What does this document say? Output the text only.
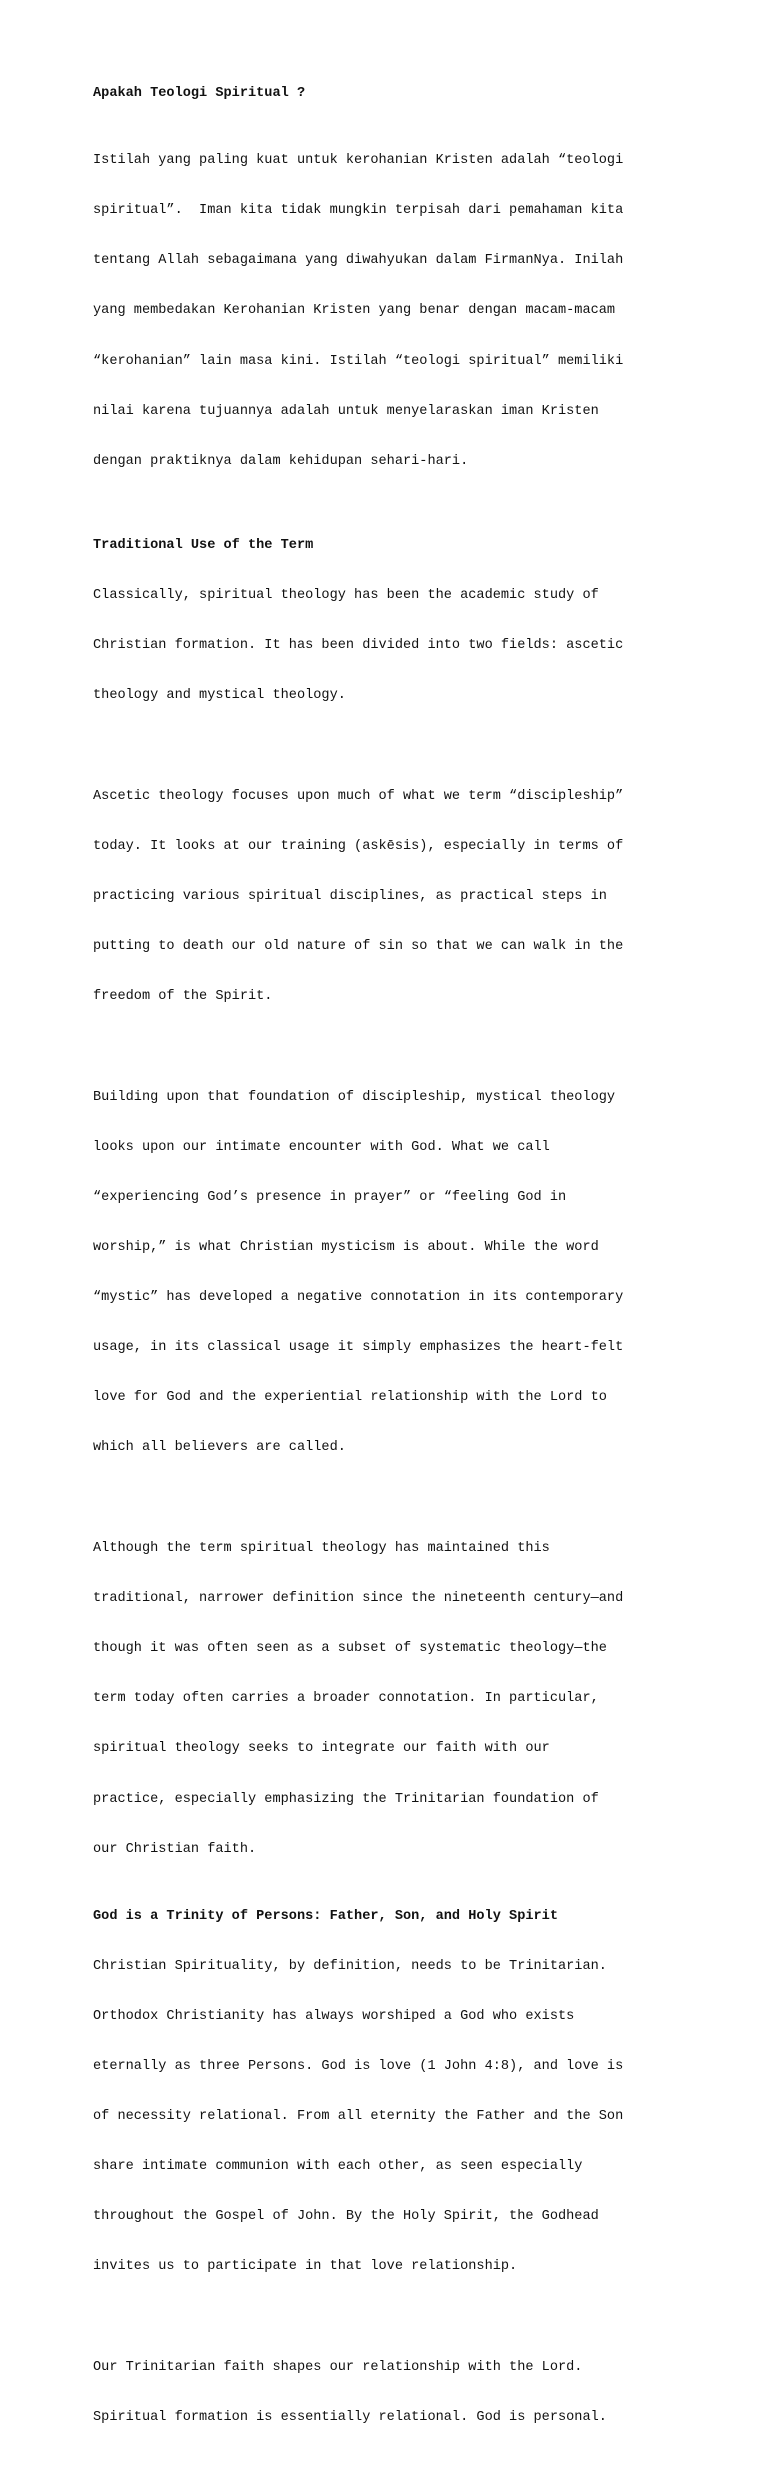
Apakah Teologi Spiritual ?

Istilah yang paling kuat untuk kerohanian Kristen adalah “teologi

spiritual”.  Iman kita tidak mungkin terpisah dari pemahaman kita

tentang Allah sebagaimana yang diwahyukan dalam FirmanNya. Inilah

yang membedakan Kerohanian Kristen yang benar dengan macam-macam

“kerohanian” lain masa kini. Istilah “teologi spiritual” memiliki

nilai karena tujuannya adalah untuk menyelaraskan iman Kristen

dengan praktiknya dalam kehidupan sehari-hari.

Traditional Use of the Term

Classically, spiritual theology has been the academic study of

Christian formation. It has been divided into two fields: ascetic

theology and mystical theology.

Ascetic theology focuses upon much of what we term “discipleship”

today. It looks at our training (askēsis), especially in terms of

practicing various spiritual disciplines, as practical steps in

putting to death our old nature of sin so that we can walk in the

freedom of the Spirit.

Building upon that foundation of discipleship, mystical theology

looks upon our intimate encounter with God. What we call

“experiencing God’s presence in prayer” or “feeling God in

worship,” is what Christian mysticism is about. While the word

“mystic” has developed a negative connotation in its contemporary

usage, in its classical usage it simply emphasizes the heart-felt

love for God and the experiential relationship with the Lord to

which all believers are called.

Although the term spiritual theology has maintained this

traditional, narrower definition since the nineteenth century—and

though it was often seen as a subset of systematic theology—the

term today often carries a broader connotation. In particular,

spiritual theology seeks to integrate our faith with our

practice, especially emphasizing the Trinitarian foundation of

our Christian faith.

God is a Trinity of Persons: Father, Son, and Holy Spirit

Christian Spirituality, by definition, needs to be Trinitarian.

Orthodox Christianity has always worshiped a God who exists

eternally as three Persons. God is love (1 John 4:8), and love is

of necessity relational. From all eternity the Father and the Son

share intimate communion with each other, as seen especially

throughout the Gospel of John. By the Holy Spirit, the Godhead

invites us to participate in that love relationship.

Our Trinitarian faith shapes our relationship with the Lord.

Spiritual formation is essentially relational. God is personal.
